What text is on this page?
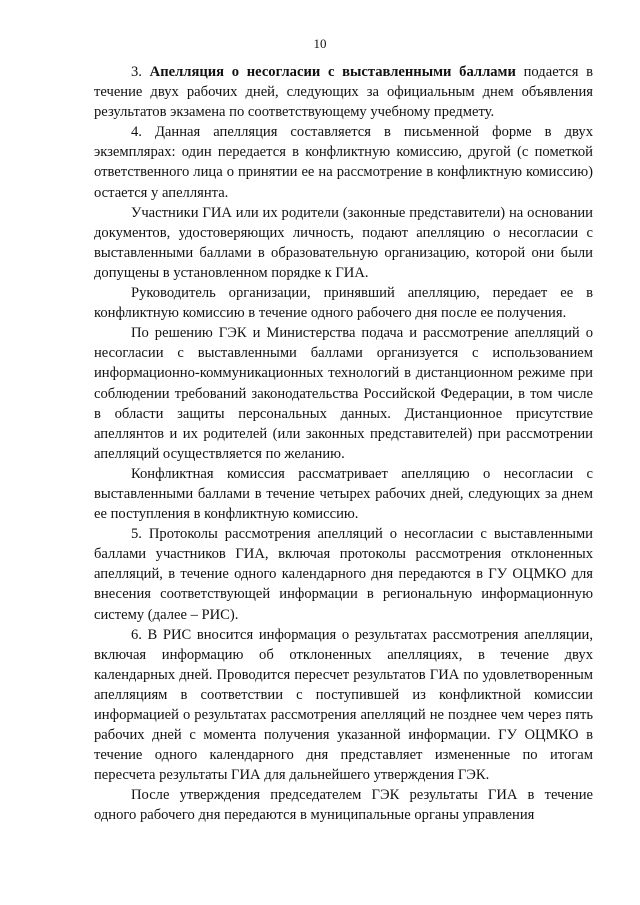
10

3. Апелляция о несогласии с выставленными баллами подается в течение двух рабочих дней, следующих за официальным днем объявления результатов экзамена по соответствующему учебному предмету.

4. Данная апелляция составляется в письменной форме в двух экземплярах: один передается в конфликтную комиссию, другой (с пометкой ответственного лица о принятии ее на рассмотрение в конфликтную комиссию) остается у апеллянта.

Участники ГИА или их родители (законные представители) на основании документов, удостоверяющих личность, подают апелляцию о несогласии с выставленными баллами в образовательную организацию, которой они были допущены в установленном порядке к ГИА.

Руководитель организации, принявший апелляцию, передает ее в конфликтную комиссию в течение одного рабочего дня после ее получения.

По решению ГЭК и Министерства подача и рассмотрение апелляций о несогласии с выставленными баллами организуется с использованием информационно-коммуникационных технологий в дистанционном режиме при соблюдении требований законодательства Российской Федерации, в том числе в области защиты персональных данных. Дистанционное присутствие апеллянтов и их родителей (или законных представителей) при рассмотрении апелляций осуществляется по желанию.

Конфликтная комиссия рассматривает апелляцию о несогласии с выставленными баллами в течение четырех рабочих дней, следующих за днем ее поступления в конфликтную комиссию.

5. Протоколы рассмотрения апелляций о несогласии с выставленными баллами участников ГИА, включая протоколы рассмотрения отклоненных апелляций, в течение одного календарного дня передаются в ГУ ОЦМКО для внесения соответствующей информации в региональную информационную систему (далее – РИС).

6. В РИС вносится информация о результатах рассмотрения апелляции, включая информацию об отклоненных апелляциях, в течение двух календарных дней. Проводится пересчет результатов ГИА по удовлетворенным апелляциям в соответствии с поступившей из конфликтной комиссии информацией о результатах рассмотрения апелляций не позднее чем через пять рабочих дней с момента получения указанной информации. ГУ ОЦМКО в течение одного календарного дня представляет измененные по итогам пересчета результаты ГИА для дальнейшего утверждения ГЭК.

После утверждения председателем ГЭК результаты ГИА в течение одного рабочего дня передаются в муниципальные органы управления
